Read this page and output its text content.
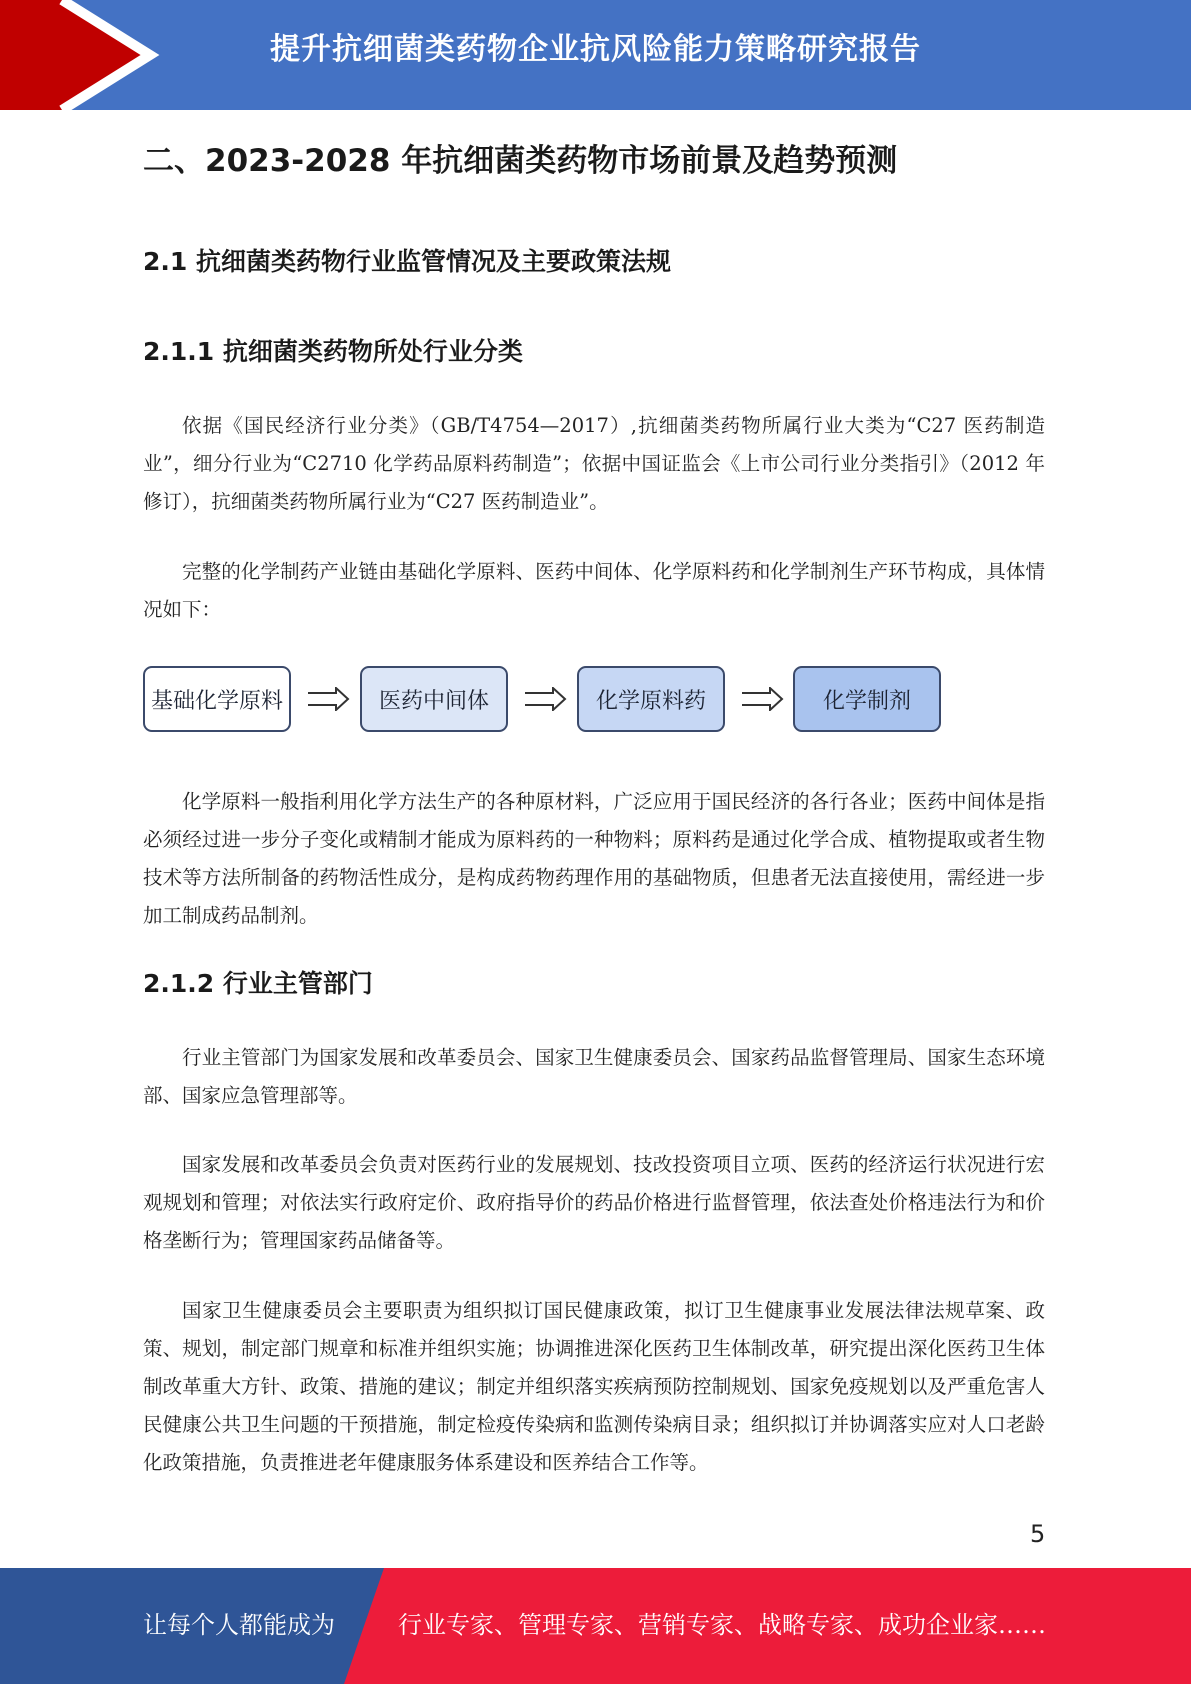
提升抗细菌类药物企业抗风险能力策略研究报告
二、2023-2028 年抗细菌类药物市场前景及趋势预测
2.1 抗细菌类药物行业监管情况及主要政策法规
2.1.1 抗细菌类药物所处行业分类

依据《国民经济行业分类》（GB/T4754—2017）,抗细菌类药物所属行业大类为“C27 医药制造业”，细分行业为“C2710 化学药品原料药制造”；依据中国证监会《上市公司行业分类指引》（2012 年修订），抗细菌类药物所属行业为“C27 医药制造业”。

完整的化学制药产业链由基础化学原料、医药中间体、化学原料药和化学制剂生产环节构成，具体情况如下：

基础化学原料	医药中间体	化学原料药	化学制剂

化学原料一般指利用化学方法生产的各种原材料，广泛应用于国民经济的各行各业；医药中间体是指必须经过进一步分子变化或精制才能成为原料药的一种物料；原料药是通过化学合成、植物提取或者生物技术等方法所制备的药物活性成分，是构成药物药理作用的基础物质，但患者无法直接使用，需经进一步加工制成药品制剂。

2.1.2 行业主管部门

行业主管部门为国家发展和改革委员会、国家卫生健康委员会、国家药品监督管理局、国家生态环境部、国家应急管理部等。

国家发展和改革委员会负责对医药行业的发展规划、技改投资项目立项、医药的经济运行状况进行宏观规划和管理；对依法实行政府定价、政府指导价的药品价格进行监督管理，依法查处价格违法行为和价格垄断行为；管理国家药品储备等。

国家卫生健康委员会主要职责为组织拟订国民健康政策，拟订卫生健康事业发展法律法规草案、政策、规划，制定部门规章和标准并组织实施；协调推进深化医药卫生体制改革，研究提出深化医药卫生体制改革重大方针、政策、措施的建议；制定并组织落实疾病预防控制规划、国家免疫规划以及严重危害人民健康公共卫生问题的干预措施，制定检疫传染病和监测传染病目录；组织拟订并协调落实应对人口老龄化政策措施，负责推进老年健康服务体系建设和医养结合工作等。

5
让每个人都能成为	行业专家、管理专家、营销专家、战略专家、成功企业家……
